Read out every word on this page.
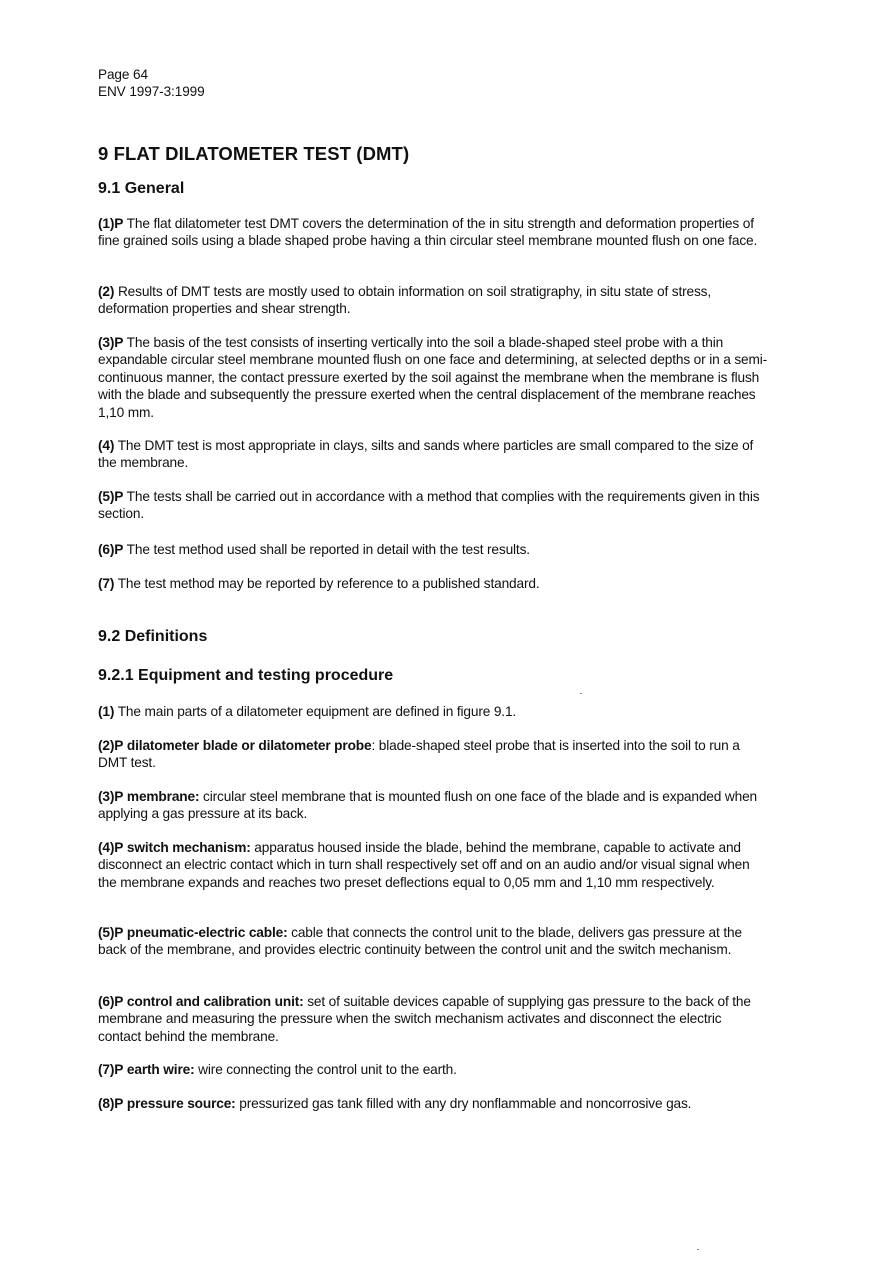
Page 64
ENV 1997-3:1999
9 FLAT DILATOMETER TEST (DMT)
9.1 General
(1)P The flat dilatometer test DMT covers the determination of the in situ strength and deformation properties of fine grained soils using a blade shaped probe having a thin circular steel membrane mounted flush on one face.
(2) Results of DMT tests are mostly used to obtain information on soil stratigraphy, in situ state of stress, deformation properties and shear strength.
(3)P The basis of the test consists of inserting vertically into the soil a blade-shaped steel probe with a thin expandable circular steel membrane mounted flush on one face and determining, at selected depths or in a semi-continuous manner, the contact pressure exerted by the soil against the membrane when the membrane is flush with the blade and subsequently the pressure exerted when the central displacement of the membrane reaches 1,10 mm.
(4) The DMT test is most appropriate in clays, silts and sands where particles are small compared to the size of the membrane.
(5)P The tests shall be carried out in accordance with a method that complies with the requirements given in this section.
(6)P The test method used shall be reported in detail with the test results.
(7) The test method may be reported by reference to a published standard.
9.2 Definitions
9.2.1 Equipment and testing procedure
(1) The main parts of a dilatometer equipment are defined in figure 9.1.
(2)P dilatometer blade or dilatometer probe: blade-shaped steel probe that is inserted into the soil to run a DMT test.
(3)P membrane: circular steel membrane that is mounted flush on one face of the blade and is expanded when applying a gas pressure at its back.
(4)P switch mechanism: apparatus housed inside the blade, behind the membrane, capable to activate and disconnect an electric contact which in turn shall respectively set off and on an audio and/or visual signal when the membrane expands and reaches two preset deflections equal to 0,05 mm and 1,10 mm respectively.
(5)P pneumatic-electric cable: cable that connects the control unit to the blade, delivers gas pressure at the back of the membrane, and provides electric continuity between the control unit and the switch mechanism.
(6)P control and calibration unit: set of suitable devices capable of supplying gas pressure to the back of the membrane and measuring the pressure when the switch mechanism activates and disconnect the electric contact behind the membrane.
(7)P earth wire: wire connecting the control unit to the earth.
(8)P pressure source: pressurized gas tank filled with any dry nonflammable and noncorrosive gas.
